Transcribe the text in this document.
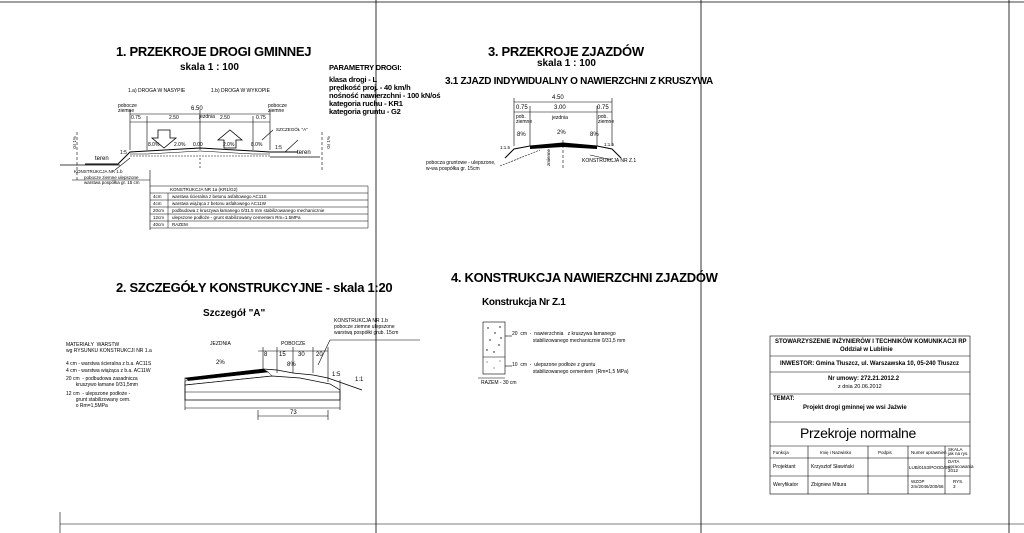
1. PRZEKROJE DROGI GMINNEJ
skala 1 : 100
1.a) DROGA W NASYPIE	1.b) DROGA W WYKOPIE
pobocze
ziemne
pobocze
ziemne
6.50
jezdnia
0.75	2.50	2.50	0.75
SZCZEGÓŁ "A"
8.0%	2.0% 0.00	2.0%	8.0%
1:5
1:5
teren
teren
Gr 1%	Gr 1%
KONSTRUKCJA NR 1.b
pobocze ziemne ulepszone
warstwa pospółka gr. 15 cm
KONSTRUKCJA NR 1a (KR1/G2)
4cm warstwa ścieralna z betonu asfaltowego AC11S
4cm warstwa wiążąca z betonu asfaltowego AC11W
20cm podbudowa z kruszywa łamanego 0/31.5 mm stabilizowanego mechanicznie
12cm ulepszone podłoże - grunt stabilizowany cementem Rm=1.5MPa
40cm RAZEM
PARAMETRY DROGI:
klasa drogi - L
prędkość proj. - 40 km/h
nośność nawierzchni - 100 kN/oś
kategoria ruchu - KR1
kategoria gruntu - G2
3. PRZEKROJE ZJAZDÓW
skala 1 : 100
3.1 ZJAZD INDYWIDUALNY O NAWIERZCHNI Z KRUSZYWA
4.50
0.75	3.00	0.75
pob.
ziemne
jezdnia	pob.
ziemne
8%	2%	8%
1:1.5
1:1.5
zmienne
pobocza gruntowe - ulepszone,
w-wa pospółka gr. 15cm
KONSTRUKCJA NR Z.1
2. SZCZEGÓŁY KONSTRUKCYJNE - skala 1:20
Szczegół "A"
JEZDNIA	POBOCZE
KONSTRUKCJA NR 1.b
pobocze ziemne ulepszone
warstwą pospółki grub. 15cm
8 15 30 20
2%	8%
1:5
1:1
73
MATERIAŁY  WARSTW
wg RYSUNKU KONSTRUKCJI NR 1.a
4 cm - warstwa ścieralna z b.a. AC11S
4 cm - warstwa wiążąca z b.a. AC11W
20 cm  - podbudowa zasadnicza
kruszywo łamane 0/31,5mm
12 cm  - ulepszone podłoże -
grunt stabilizowany cem.
o Rm=1,5MPa
4. KONSTRUKCJA NAWIERZCHNI ZJAZDÓW
Konstrukcja Nr Z.1
20  cm  -  nawierzchnia   z kruszywa łamanego
stabilizowanego mechanicznie 0/31,5 mm
10  cm  -  ulepszone podłoże z gruntu
stabilizowanego cementem  (Rm=1,5 MPa)
RAZEM - 30 cm
STOWARZYSZENIE INŻYNIERÓW I TECHNIKÓW KOMUNIKACJI RP
Oddział w Lublinie
INWESTOR: Gmina Tłuszcz, ul. Warszawska 10, 05-240 Tłuszcz
Nr umowy: 272.21.2012.2
z dnia 20.06.2012
TEMAT:
Projekt drogi gminnej we wsi Jaźwie
Przekroje normalne
Funkcja	Imię i Nazwisko	Podpis	Numer uprawnień
SKALA
jak na rys.
Projektant	Krzysztof Sławiński	LUB/0153/POOD/09
DATA
opracowania
2012
Weryfikator	Zbigniew Mitura
WZOP
2m/2046/200/66
RYS.
3
